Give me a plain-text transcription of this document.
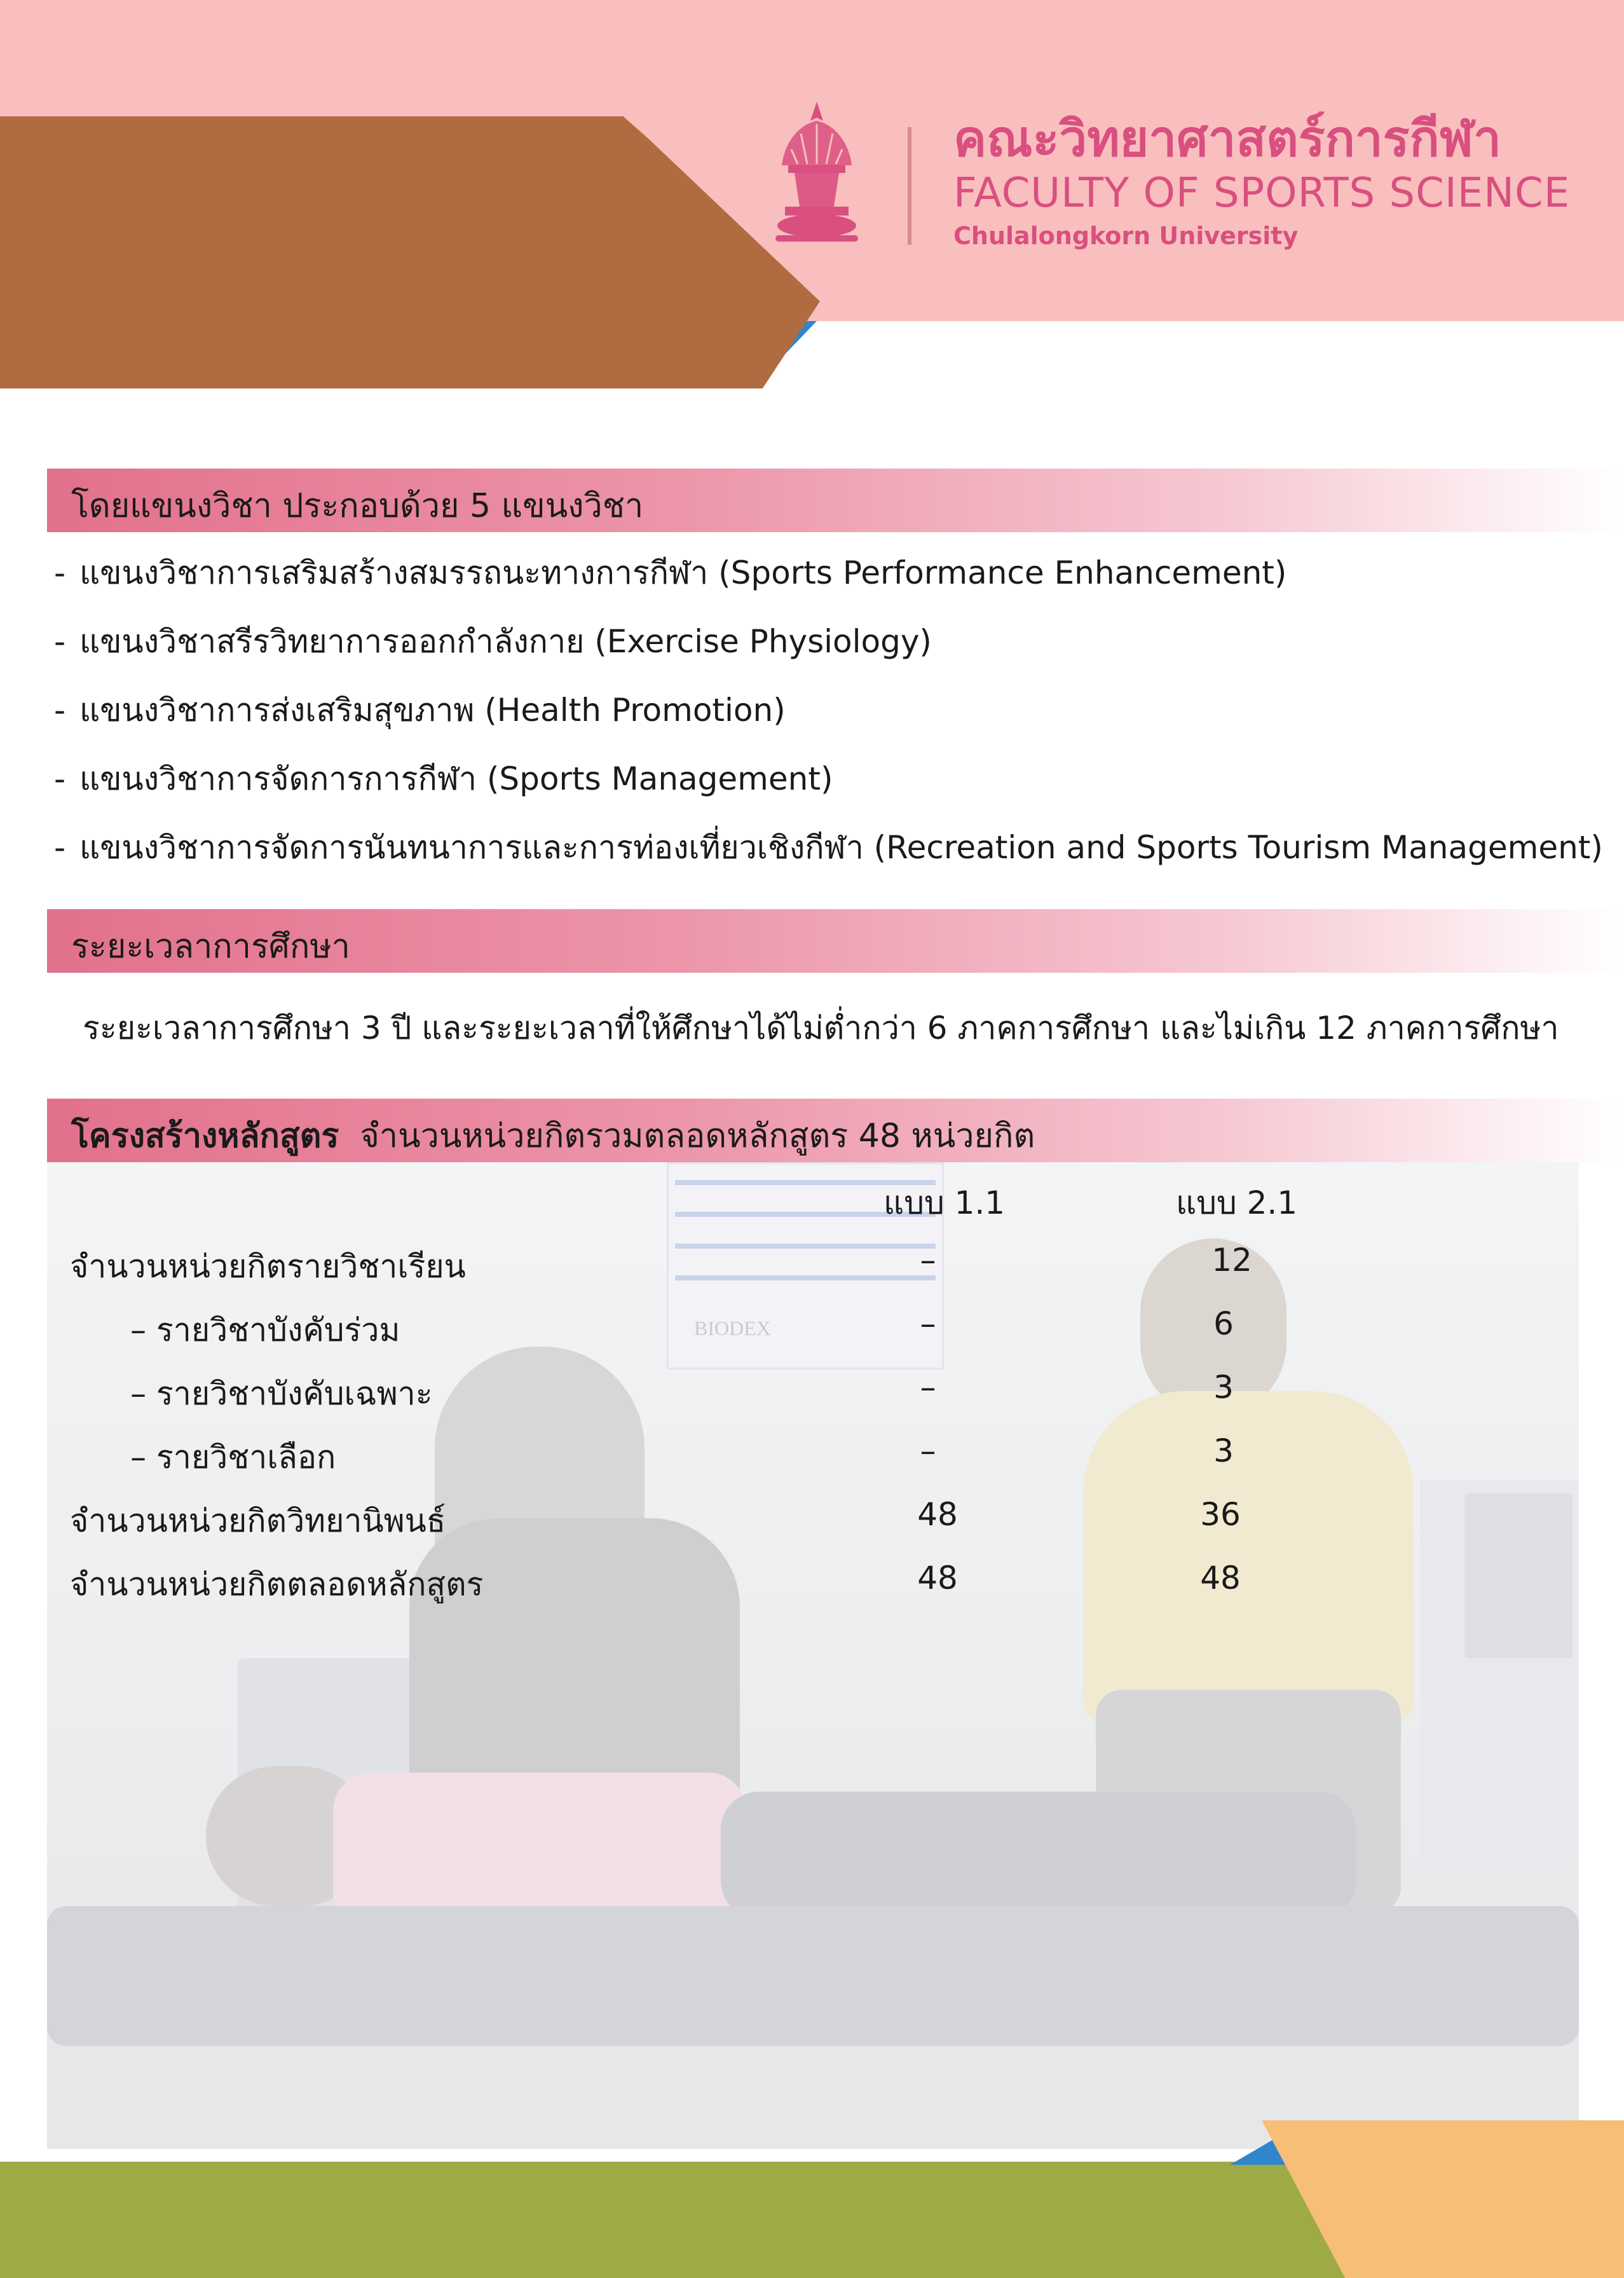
คณะวิทยาศาสตร์การกีฬา
FACULTY OF SPORTS SCIENCE
Chulalongkorn University
โดยแขนงวิชา ประกอบด้วย 5 แขนงวิชา
- แขนงวิชาการเสริมสร้างสมรรถนะทางการกีฬา (Sports Performance Enhancement)
- แขนงวิชาสรีรวิทยาการออกกำลังกาย (Exercise Physiology)
- แขนงวิชาการส่งเสริมสุขภาพ (Health Promotion)
- แขนงวิชาการจัดการการกีฬา (Sports Management)
- แขนงวิชาการจัดการนันทนาการและการท่องเที่ยวเชิงกีฬา (Recreation and Sports Tourism Management)
ระยะเวลาการศึกษา
ระยะเวลาการศึกษา 3 ปี และระยะเวลาที่ให้ศึกษาได้ไม่ต่ำกว่า 6 ภาคการศึกษา และไม่เกิน 12 ภาคการศึกษา
โครงสร้างหลักสูตร จำนวนหน่วยกิตรวมตลอดหลักสูตร 48 หน่วยกิต
BIODEX
แบบ 1.1	แบบ 2.1
จำนวนหน่วยกิตรายวิชาเรียน	–	12
– รายวิชาบังคับร่วม	–	6
– รายวิชาบังคับเฉพาะ	–	3
– รายวิชาเลือก	–	3
จำนวนหน่วยกิตวิทยานิพนธ์	48	36
จำนวนหน่วยกิตตลอดหลักสูตร	48	48
